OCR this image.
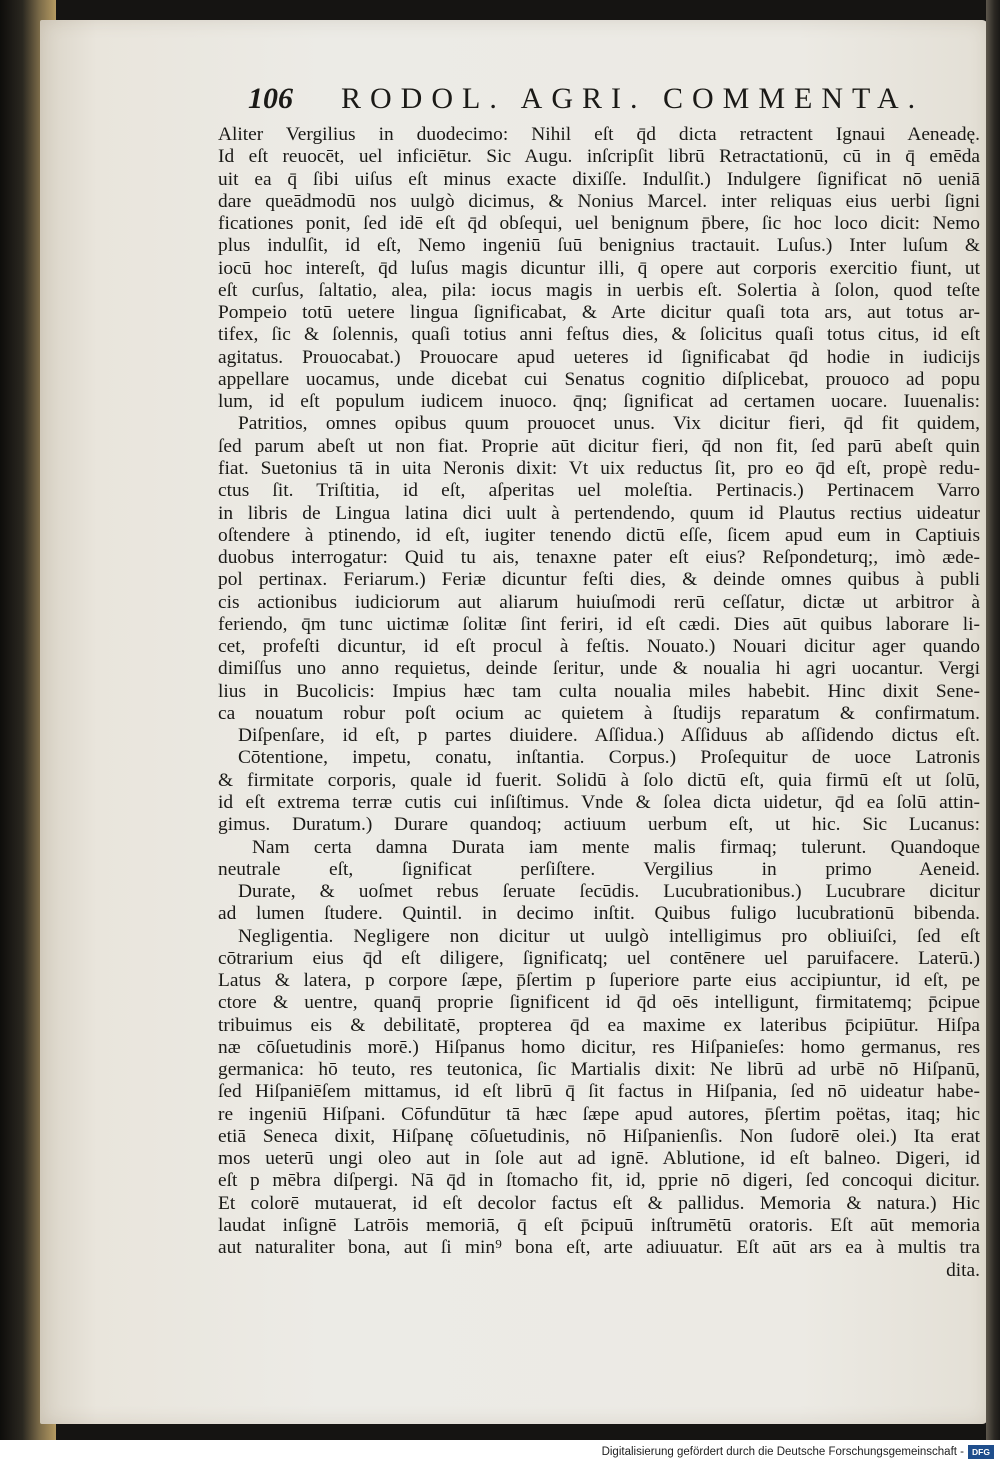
106 RODOL. AGRI. COMMENTA.
Aliter Vergilius in duodecimo: Nihil eſt q̄d dicta retractent Ignaui Aeneadę.
Id eſt reuocēt, uel inficiētur. Sic Augu. inſcripſit librū Retractationū, cū in q̄ emēda
uit ea q̄ ſibi uiſus eſt minus exacte dixiſſe. Indulſit.) Indulgere ſignificat nō ueniā
dare queādmodū nos uulgò dicimus, & Nonius Marcel. inter reliquas eius uerbi ſigni
ficationes ponit, ſed idē eſt q̄d obſequi, uel benignum p̄bere, ſic hoc loco dicit: Nemo
plus indulſit, id eſt, Nemo ingeniū ſuū benignius tractauit. Luſus.) Inter luſum &
iocū hoc intereſt, q̄d luſus magis dicuntur illi, q̄ opere aut corporis exercitio fiunt, ut
eſt curſus, ſaltatio, alea, pila: iocus magis in uerbis eſt. Solertia à ſolon, quod teſte
Pompeio totū uetere lingua ſignificabat, & Arte dicitur quaſi tota ars, aut totus ar-
tifex, ſic & ſolennis, quaſi totius anni feſtus dies, & ſolicitus quaſi totus citus, id eſt
agitatus. Prouocabat.) Prouocare apud ueteres id ſignificabat q̄d hodie in iudicijs
appellare uocamus, unde dicebat cui Senatus cognitio diſplicebat, prouoco ad popu
lum, id eſt populum iudicem inuoco. q̄nq; ſignificat ad certamen uocare. Iuuenalis:
Patritios, omnes opibus quum prouocet unus. Vix dicitur fieri, q̄d fit quidem,
ſed parum abeſt ut non fiat. Proprie aūt dicitur fieri, q̄d non fit, ſed parū abeſt quin
fiat. Suetonius tā in uita Neronis dixit: Vt uix reductus ſit, pro eo q̄d eſt, propè redu-
ctus ſit. Triſtitia, id eſt, aſperitas uel moleſtia. Pertinacis.) Pertinacem Varro
in libris de Lingua latina dici uult à pertendendo, quum id Plautus rectius uideatur
oſtendere à ptinendo, id eſt, iugiter tenendo dictū eſſe, ſicem apud eum in Captiuis
duobus interrogatur: Quid tu ais, tenaxne pater eſt eius? Reſpondeturq;, imò æde-
pol pertinax. Feriarum.) Feriæ dicuntur feſti dies, & deinde omnes quibus à publi
cis actionibus iudiciorum aut aliarum huiuſmodi rerū ceſſatur, dictæ ut arbitror à
feriendo, q̄m tunc uictimæ ſolitæ ſint feriri, id eſt cædi. Dies aūt quibus laborare li-
cet, profeſti dicuntur, id eſt procul à feſtis. Nouato.) Nouari dicitur ager quando
dimiſſus uno anno requietus, deinde ſeritur, unde & noualia hi agri uocantur. Vergi
lius in Bucolicis: Impius hæc tam culta noualia miles habebit. Hinc dixit Sene-
ca nouatum robur poſt ocium ac quietem à ſtudijs reparatum & confirmatum.
Diſpenſare, id eſt, p partes diuidere. Aſſidua.) Aſſiduus ab aſſidendo dictus eſt.
Cōtentione, impetu, conatu, inſtantia. Corpus.) Proſequitur de uoce Latronis
& firmitate corporis, quale id fuerit. Solidū à ſolo dictū eſt, quia firmū eſt ut ſolū,
id eſt extrema terræ cutis cui inſiſtimus. Vnde & ſolea dicta uidetur, q̄d ea ſolū attin-
gimus. Duratum.) Durare quandoq; actiuum uerbum eſt, ut hic. Sic Lucanus:
Nam certa damna Durata iam mente malis firmaq; tulerunt. Quandoque
neutrale eſt, ſignificat perſiſtere. Vergilius in primo Aeneid.
Durate, & uoſmet rebus ſeruate ſecūdis. Lucubrationibus.) Lucubrare dicitur
ad lumen ſtudere. Quintil. in decimo inſtit. Quibus fuligo lucubrationū bibenda.
Negligentia. Negligere non dicitur ut uulgò intelligimus pro obliuiſci, ſed eſt
cōtrarium eius q̄d eſt diligere, ſignificatq; uel contēnere uel paruifacere. Laterū.)
Latus & latera, p corpore ſæpe, p̄ſertim p ſuperiore parte eius accipiuntur, id eſt, pe
ctore & uentre, quanq̄ proprie ſignificent id q̄d oēs intelligunt, firmitatemq; p̄cipue
tribuimus eis & debilitatē, propterea q̄d ea maxime ex lateribus p̄cipiūtur. Hiſpa
næ cōſuetudinis morē.) Hiſpanus homo dicitur, res Hiſpanieſes: homo germanus, res
germanica: hō teuto, res teutonica, ſic Martialis dixit: Ne librū ad urbē nō Hiſpanū,
ſed Hiſpaniēſem mittamus, id eſt librū q̄ ſit factus in Hiſpania, ſed nō uideatur habe-
re ingeniū Hiſpani. Cōfundūtur tā hæc ſæpe apud autores, p̄ſertim poëtas, itaq; hic
etiā Seneca dixit, Hiſpanę cōſuetudinis, nō Hiſpanienſis. Non ſudorē olei.) Ita erat
mos ueterū ungi oleo aut in ſole aut ad ignē. Ablutione, id eſt balneo. Digeri, id
eſt p mēbra diſpergi. Nā q̄d in ſtomacho fit, id, pprie nō digeri, ſed concoqui dicitur.
Et colorē mutauerat, id eſt decolor factus eſt & pallidus. Memoria & natura.) Hic
laudat inſignē Latrōis memoriā, q̄ eſt p̄cipuū inſtrumētū oratoris. Eſt aūt memoria
aut naturaliter bona, aut ſi min⁹ bona eſt, arte adiuuatur. Eſt aūt ars ea à multis tra
dita.
Digitalisierung gefördert durch die Deutsche Forschungsgemeinschaft - DFG
